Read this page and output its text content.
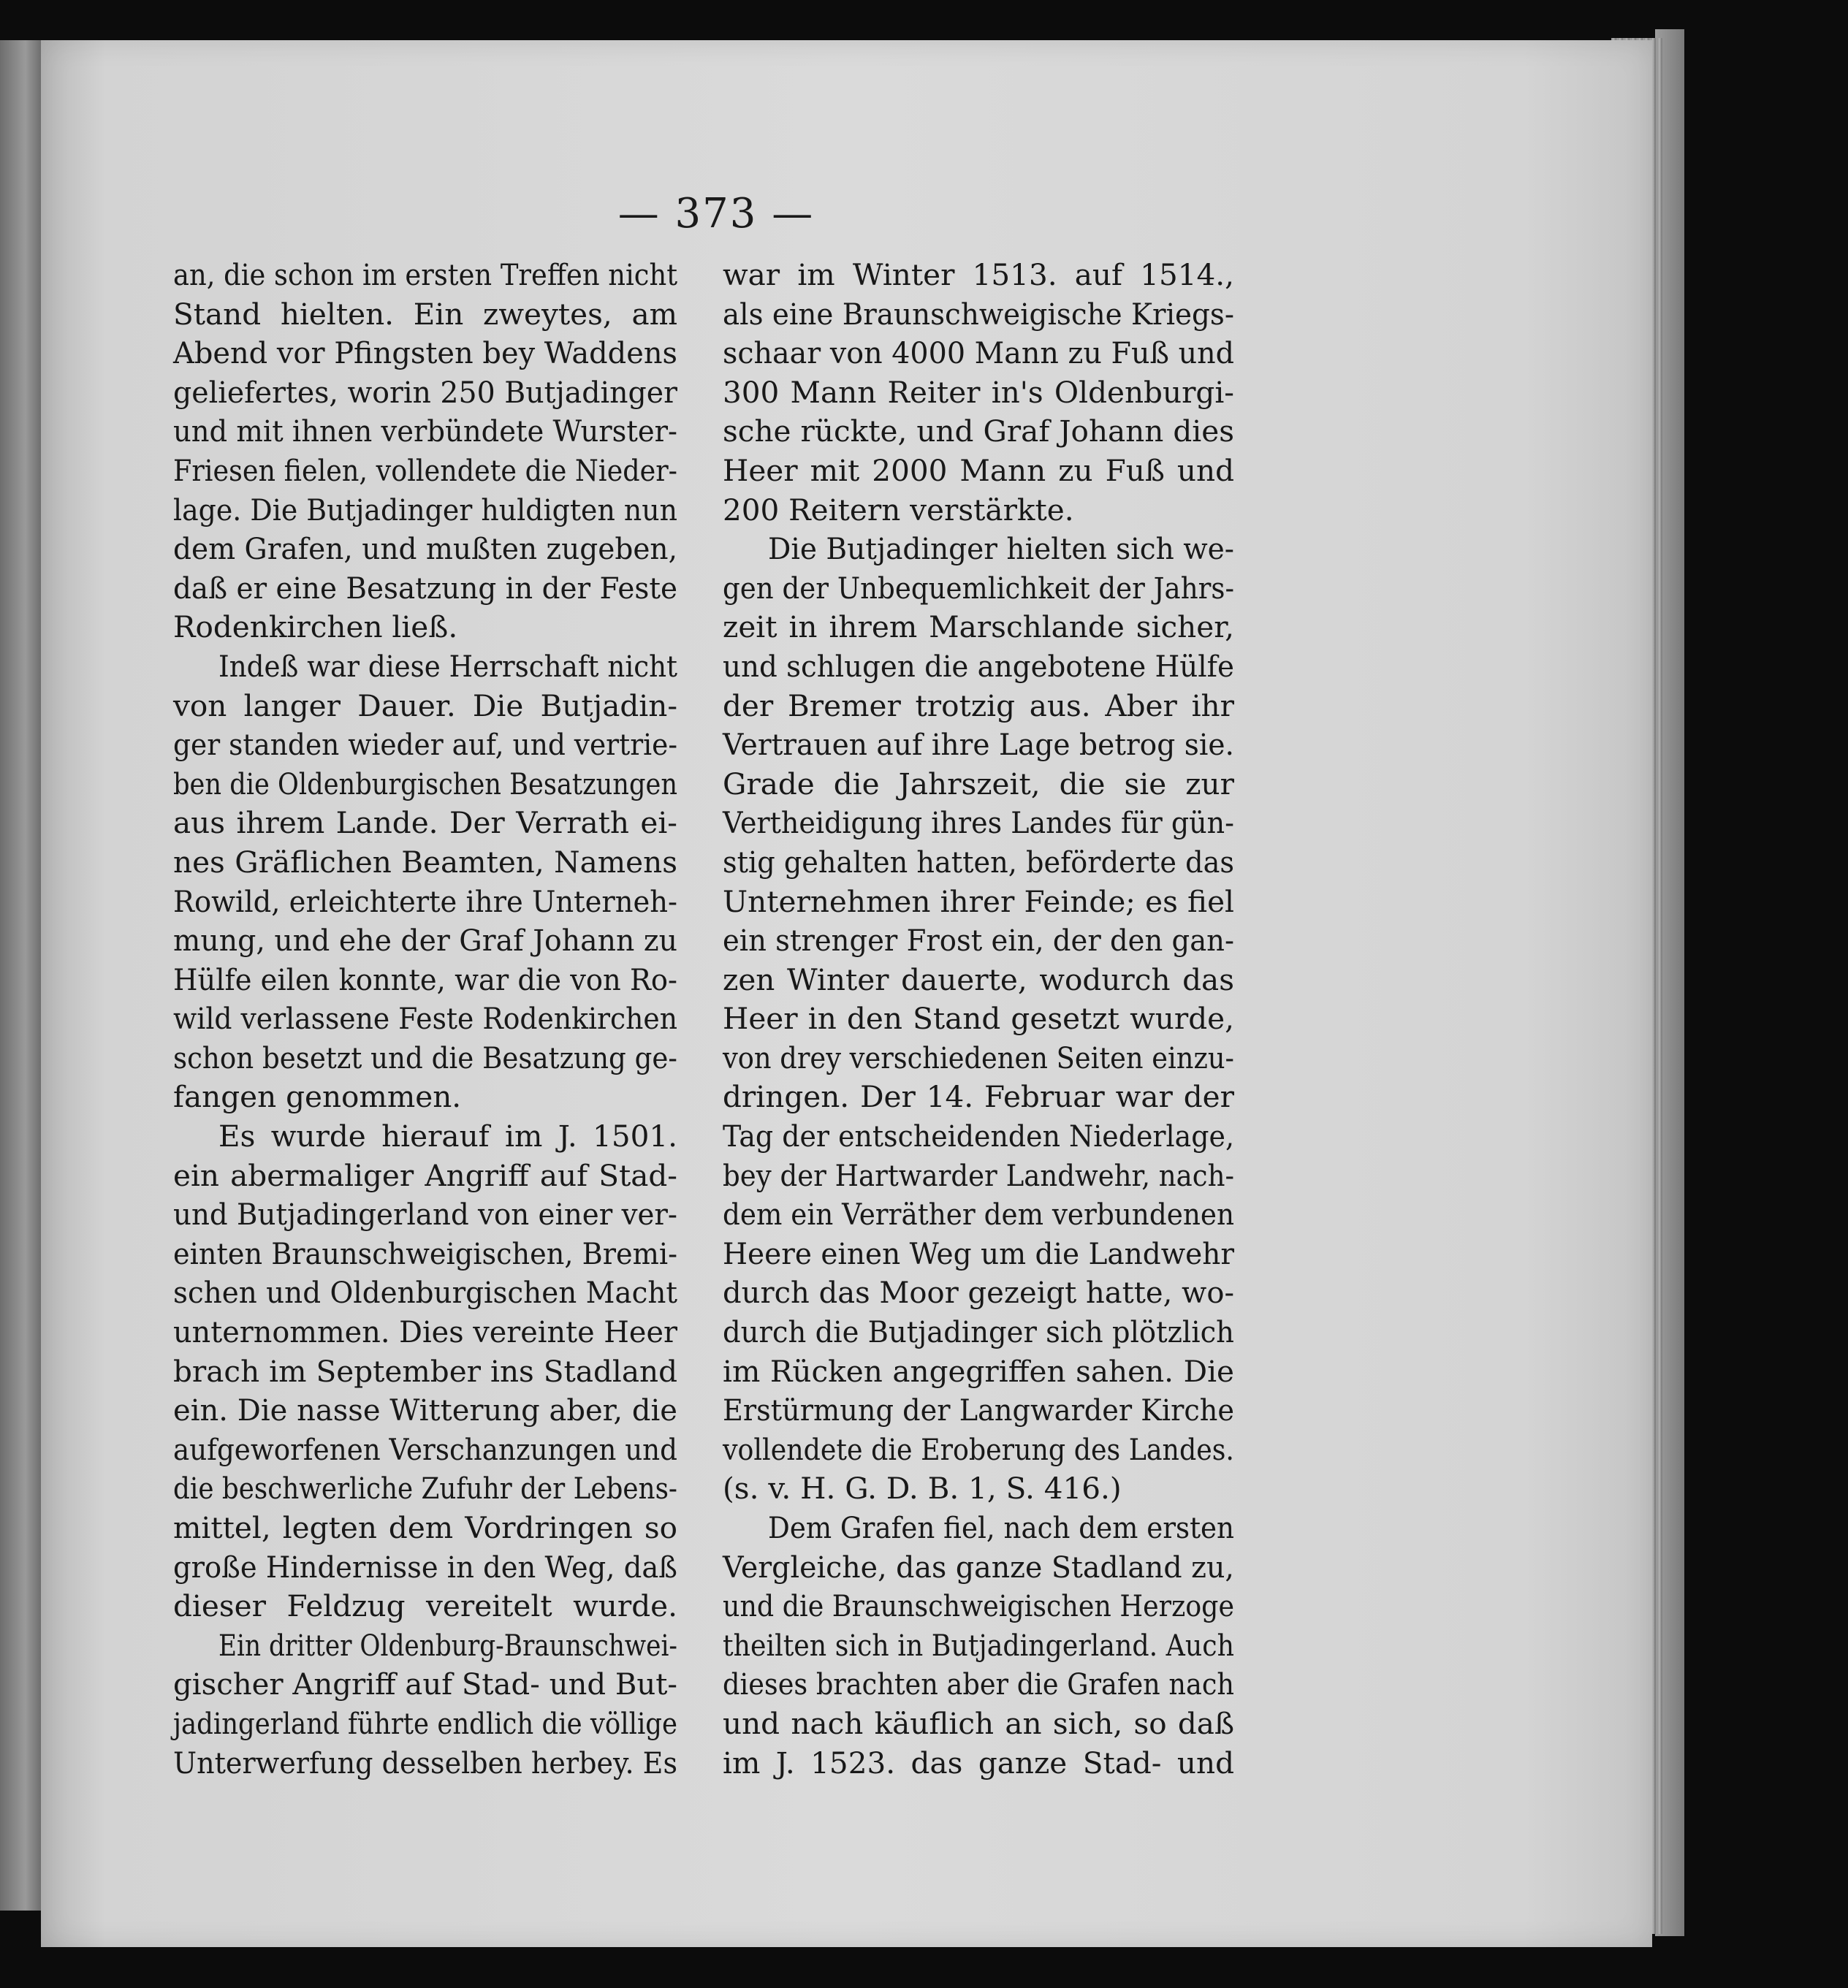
— 373 —
an, die schon im ersten Treffen nicht
Stand hielten. Ein zweytes, am
Abend vor Pfingsten bey Waddens
geliefertes, worin 250 Butjadinger
und mit ihnen verbündete Wurster-
Friesen fielen, vollendete die Nieder-
lage. Die Butjadinger huldigten nun
dem Grafen, und mußten zugeben,
daß er eine Besatzung in der Feste
Rodenkirchen ließ.
Indeß war diese Herrschaft nicht
von langer Dauer. Die Butjadin-
ger standen wieder auf, und vertrie-
ben die Oldenburgischen Besatzungen
aus ihrem Lande. Der Verrath ei-
nes Gräflichen Beamten, Namens
Rowild, erleichterte ihre Unterneh-
mung, und ehe der Graf Johann zu
Hülfe eilen konnte, war die von Ro-
wild verlassene Feste Rodenkirchen
schon besetzt und die Besatzung ge-
fangen genommen.
Es wurde hierauf im J. 1501.
ein abermaliger Angriff auf Stad-
und Butjadingerland von einer ver-
einten Braunschweigischen, Bremi-
schen und Oldenburgischen Macht
unternommen. Dies vereinte Heer
brach im September ins Stadland
ein. Die nasse Witterung aber, die
aufgeworfenen Verschanzungen und
die beschwerliche Zufuhr der Lebens-
mittel, legten dem Vordringen so
große Hindernisse in den Weg, daß
dieser Feldzug vereitelt wurde.
Ein dritter Oldenburg-Braunschwei-
gischer Angriff auf Stad- und But-
jadingerland führte endlich die völlige
Unterwerfung desselben herbey. Es
war im Winter 1513. auf 1514.,
als eine Braunschweigische Kriegs-
schaar von 4000 Mann zu Fuß und
300 Mann Reiter in's Oldenburgi-
sche rückte, und Graf Johann dies
Heer mit 2000 Mann zu Fuß und
200 Reitern verstärkte.
Die Butjadinger hielten sich we-
gen der Unbequemlichkeit der Jahrs-
zeit in ihrem Marschlande sicher,
und schlugen die angebotene Hülfe
der Bremer trotzig aus. Aber ihr
Vertrauen auf ihre Lage betrog sie.
Grade die Jahrszeit, die sie zur
Vertheidigung ihres Landes für gün-
stig gehalten hatten, beförderte das
Unternehmen ihrer Feinde; es fiel
ein strenger Frost ein, der den gan-
zen Winter dauerte, wodurch das
Heer in den Stand gesetzt wurde,
von drey verschiedenen Seiten einzu-
dringen. Der 14. Februar war der
Tag der entscheidenden Niederlage,
bey der Hartwarder Landwehr, nach-
dem ein Verräther dem verbundenen
Heere einen Weg um die Landwehr
durch das Moor gezeigt hatte, wo-
durch die Butjadinger sich plötzlich
im Rücken angegriffen sahen. Die
Erstürmung der Langwarder Kirche
vollendete die Eroberung des Landes.
(s. v. H. G. D. B. 1, S. 416.)
Dem Grafen fiel, nach dem ersten
Vergleiche, das ganze Stadland zu,
und die Braunschweigischen Herzoge
theilten sich in Butjadingerland. Auch
dieses brachten aber die Grafen nach
und nach käuflich an sich, so daß
im J. 1523. das ganze Stad- und
